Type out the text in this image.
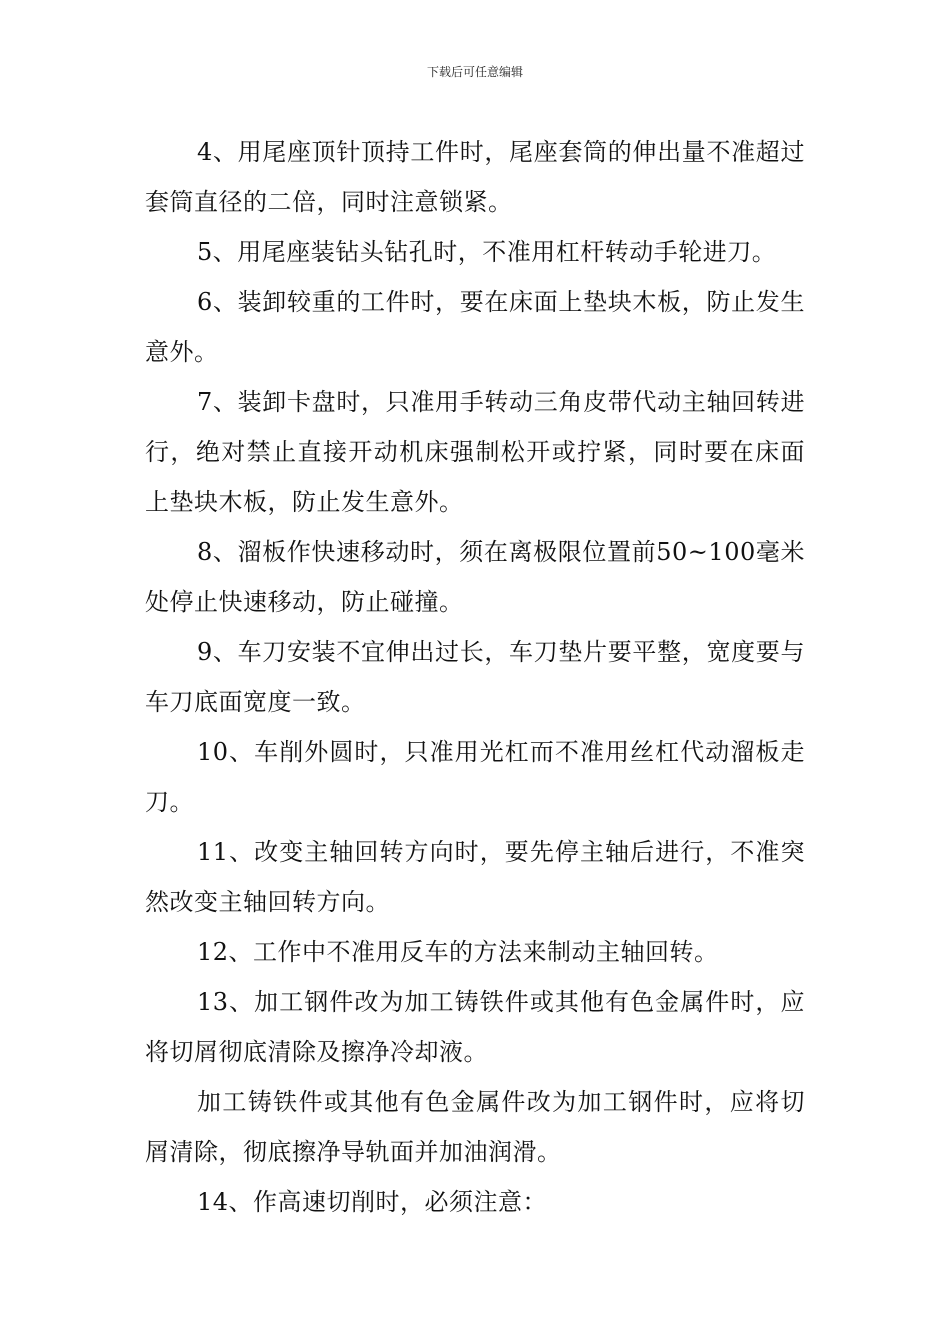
下载后可任意编辑

4、用尾座顶针顶持工件时，尾座套筒的伸出量不准超过套筒直径的二倍，同时注意锁紧。

5、用尾座装钻头钻孔时，不准用杠杆转动手轮进刀。

6、装卸较重的工件时，要在床面上垫块木板，防止发生意外。

7、装卸卡盘时，只准用手转动三角皮带代动主轴回转进行，绝对禁止直接开动机床强制松开或拧紧，同时要在床面上垫块木板，防止发生意外。

8、溜板作快速移动时，须在离极限位置前50~100毫米处停止快速移动，防止碰撞。

9、车刀安装不宜伸出过长，车刀垫片要平整，宽度要与车刀底面宽度一致。

10、车削外圆时，只准用光杠而不准用丝杠代动溜板走刀。

11、改变主轴回转方向时，要先停主轴后进行，不准突然改变主轴回转方向。

12、工作中不准用反车的方法来制动主轴回转。

13、加工钢件改为加工铸铁件或其他有色金属件时，应将切屑彻底清除及擦净冷却液。

加工铸铁件或其他有色金属件改为加工钢件时，应将切屑清除，彻底擦净导轨面并加油润滑。

14、作高速切削时，必须注意：
